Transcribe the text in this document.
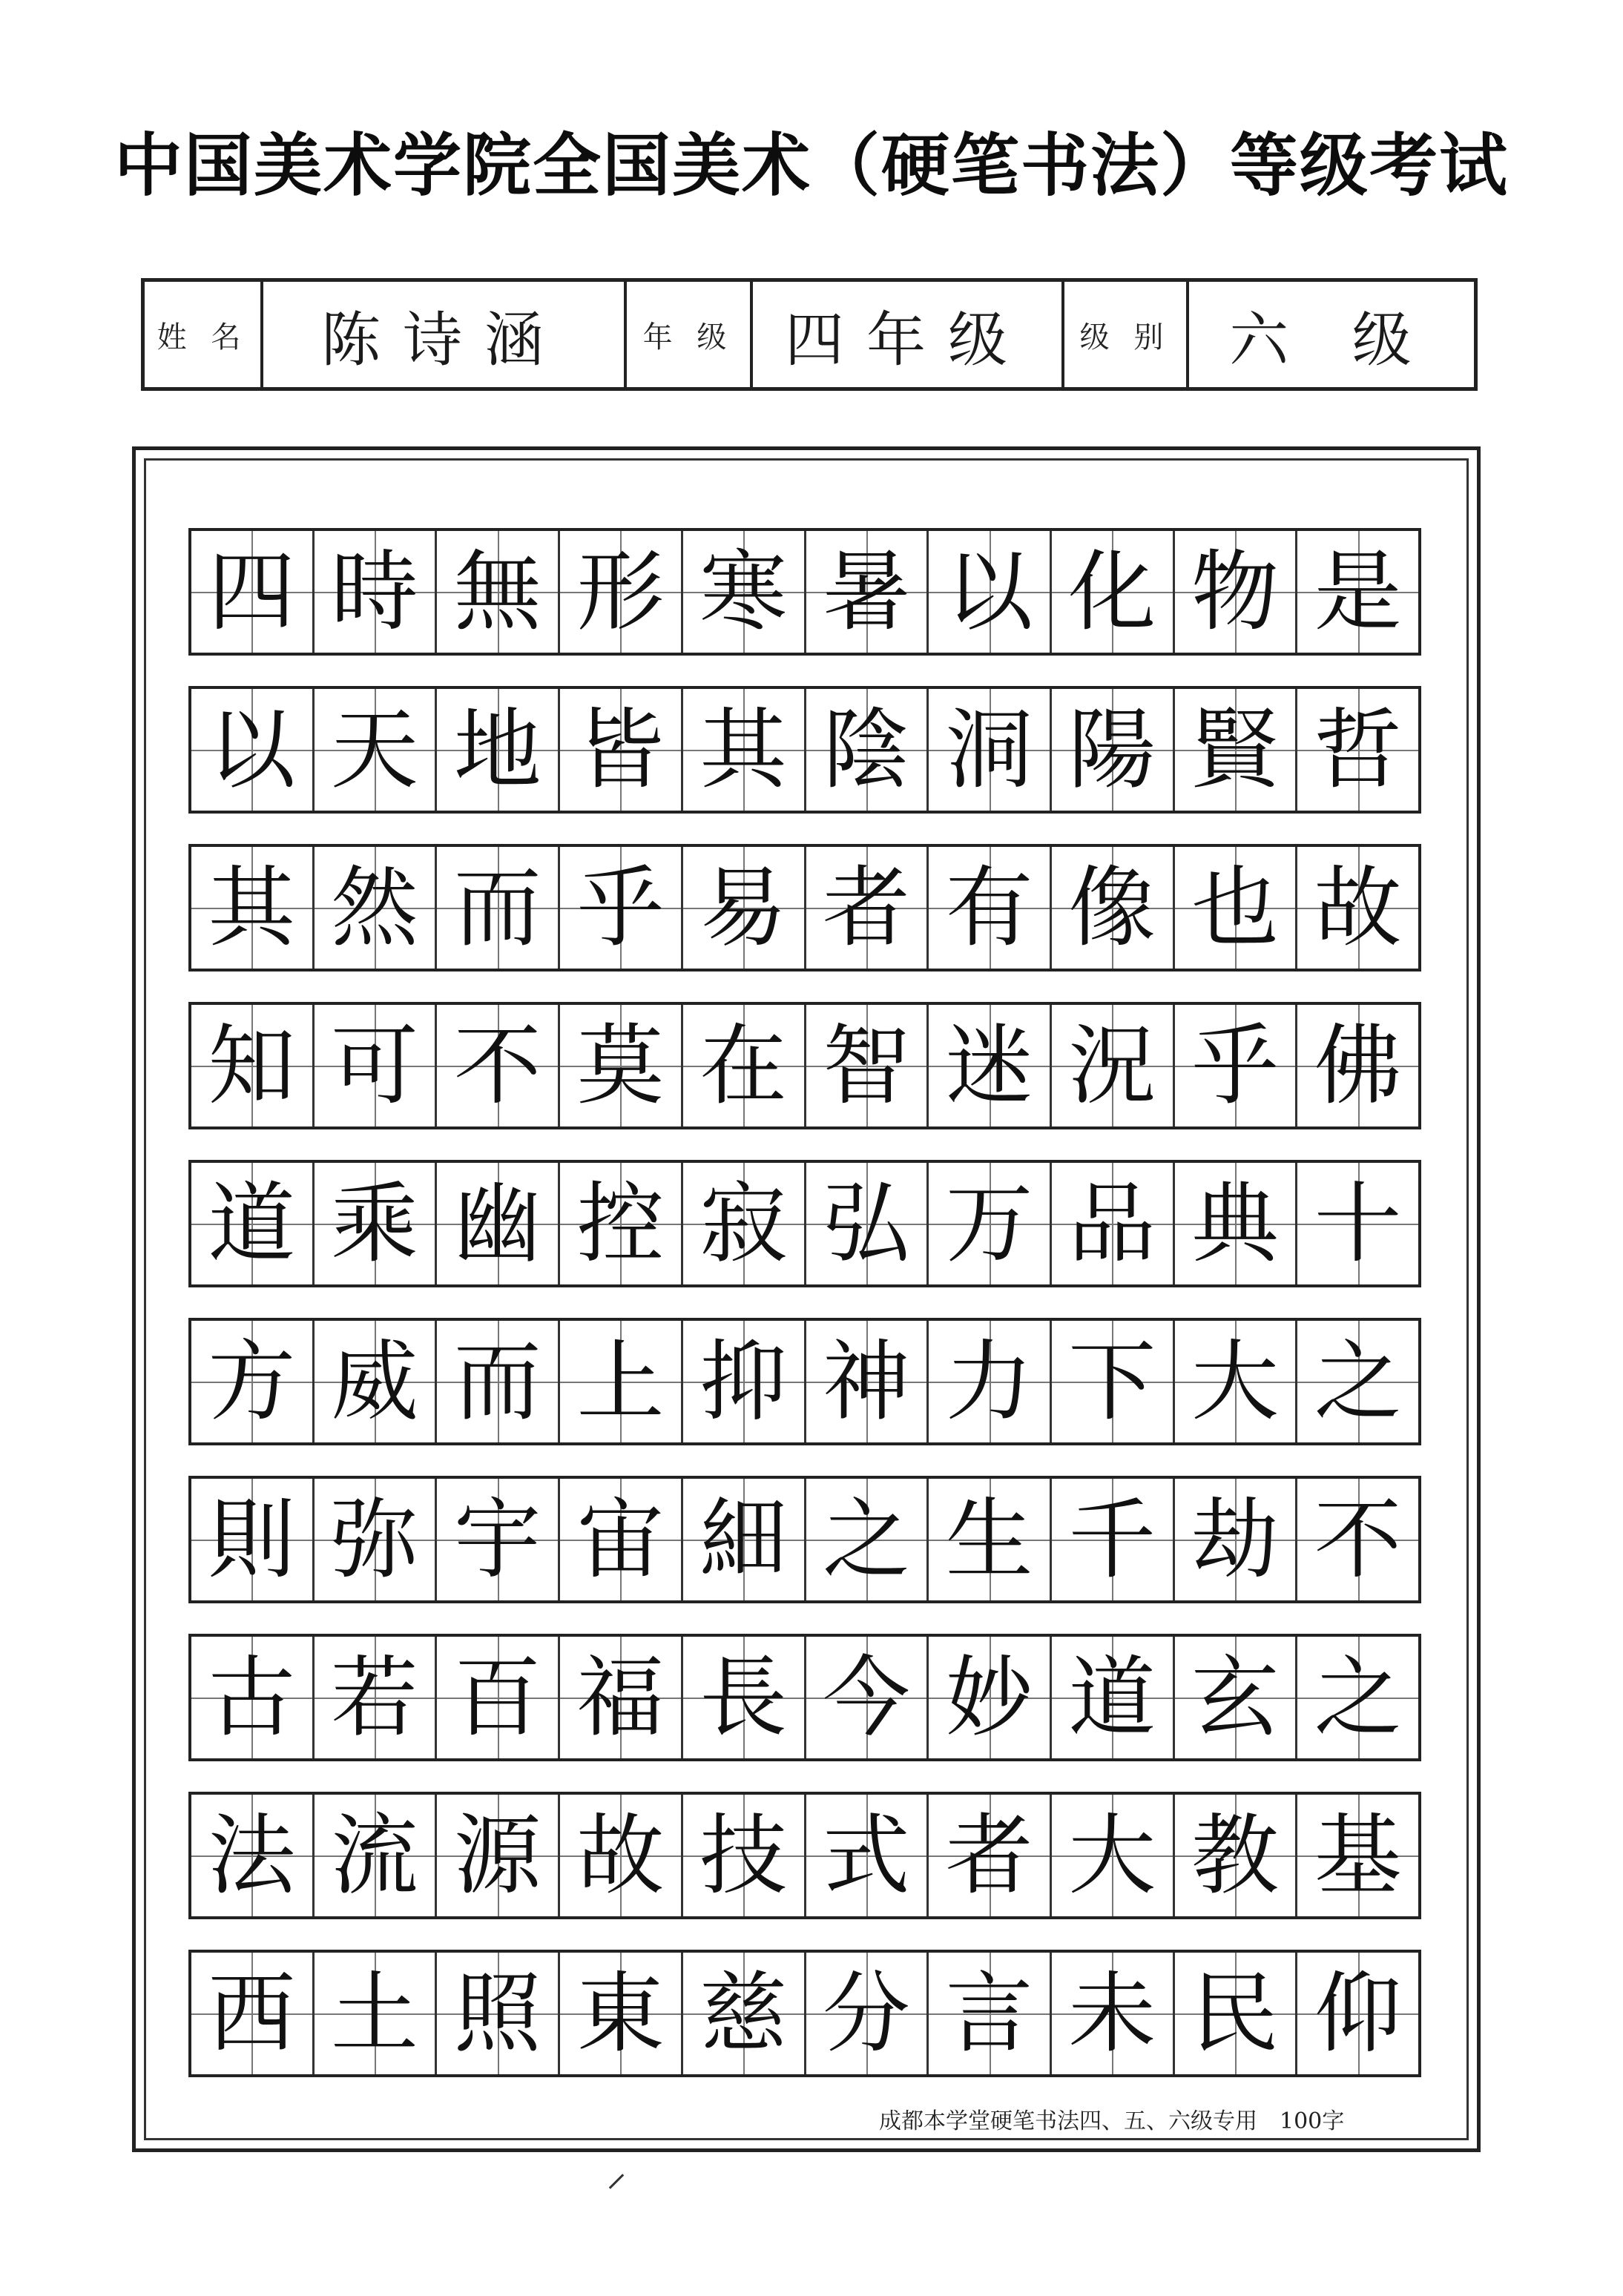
中国美术学院全国美术（硬笔书法）等级考试
姓 名 陈诗涵	年 级 四年级 级 别 六 级
四 時 無 形 寒 暑 以 化 物 是
以 天 地 皆 其 陰 洞 陽 賢 哲
其 然 而 乎 易 者 有 像 也 故
知 可 不 莫 在 智 迷 況 乎 佛
道 乘 幽 控 寂 弘 万 品 典 十
方 威 而 上 抑 神 力 下 大 之
則 弥 宇 宙 細 之 生 千 劫 不
古 若 百 福 長 今 妙 道 玄 之
法 流 源 故 技 式 者 大 教 基
西 土 照 東 慈 分 言 未 民 仰
成都本学堂硬笔书法四、五、六级专用　100字
